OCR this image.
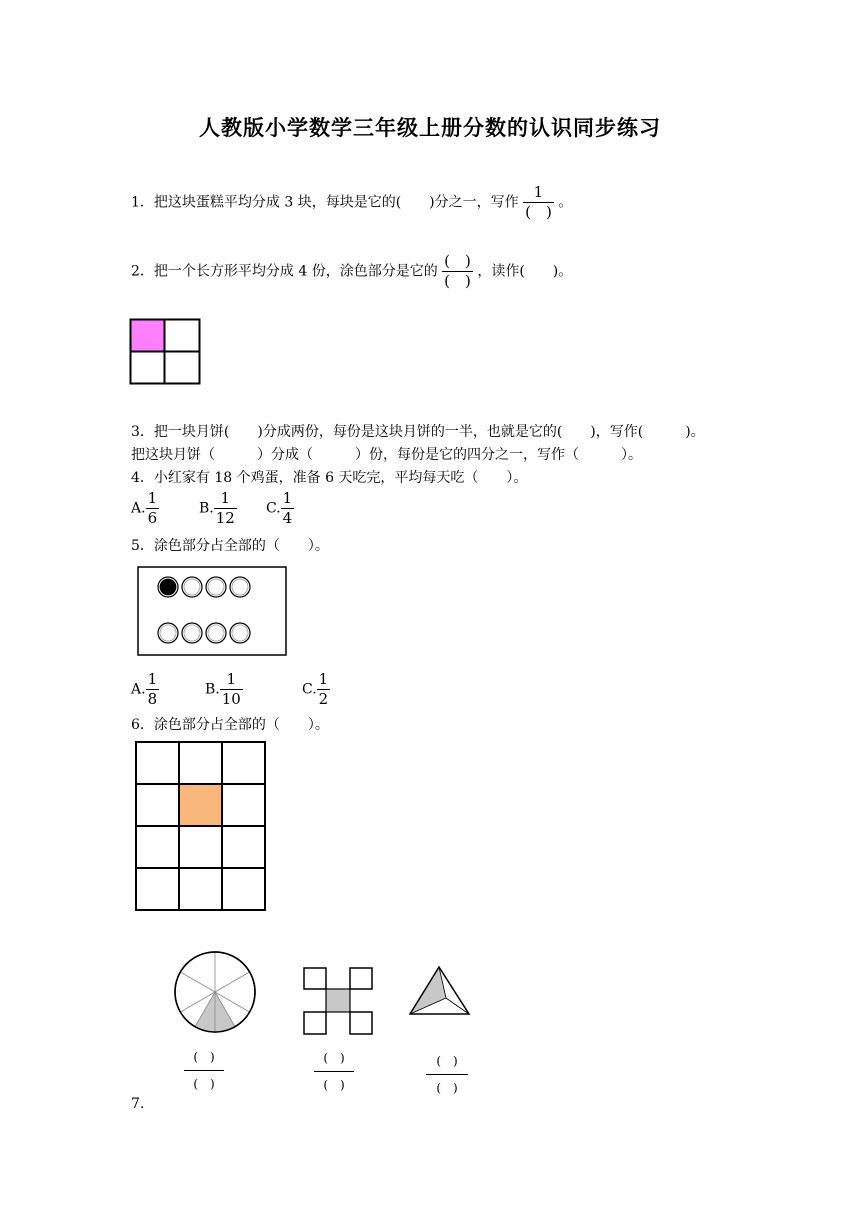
人教版小学数学三年级上册分数的认识同步练习
1．把这块蛋糕平均分成 3 块，每块是它的(　　)分之一，写作 $\frac{1}{( )}$ 。
2．把一个长方形平均分成 4 份，涂色部分是它的 $\frac{( )}{( )}$ ，读作(　　)。
3．把一块月饼(　　)分成两份，每份是这块月饼的一半，也就是它的(　　)，写作(　　　)。
把这块月饼（　　　）分成（　　　）份，每份是它的四分之一，写作（　　　）。
4．小红家有 18 个鸡蛋，准备 6 天吃完，平均每天吃（　　）。
A. $\frac{1}{6}$	B. $\frac{1}{12} C$. $\frac{1}{4}$
5．涂色部分占全部的（　　）。
A. $\frac{1}{8}$	B. $\frac{1}{10}$	C. $\frac{1}{2}$
6．涂色部分占全部的（　　）。
(　)
(　)
(　)
(　)
(　)
(　)
7.
